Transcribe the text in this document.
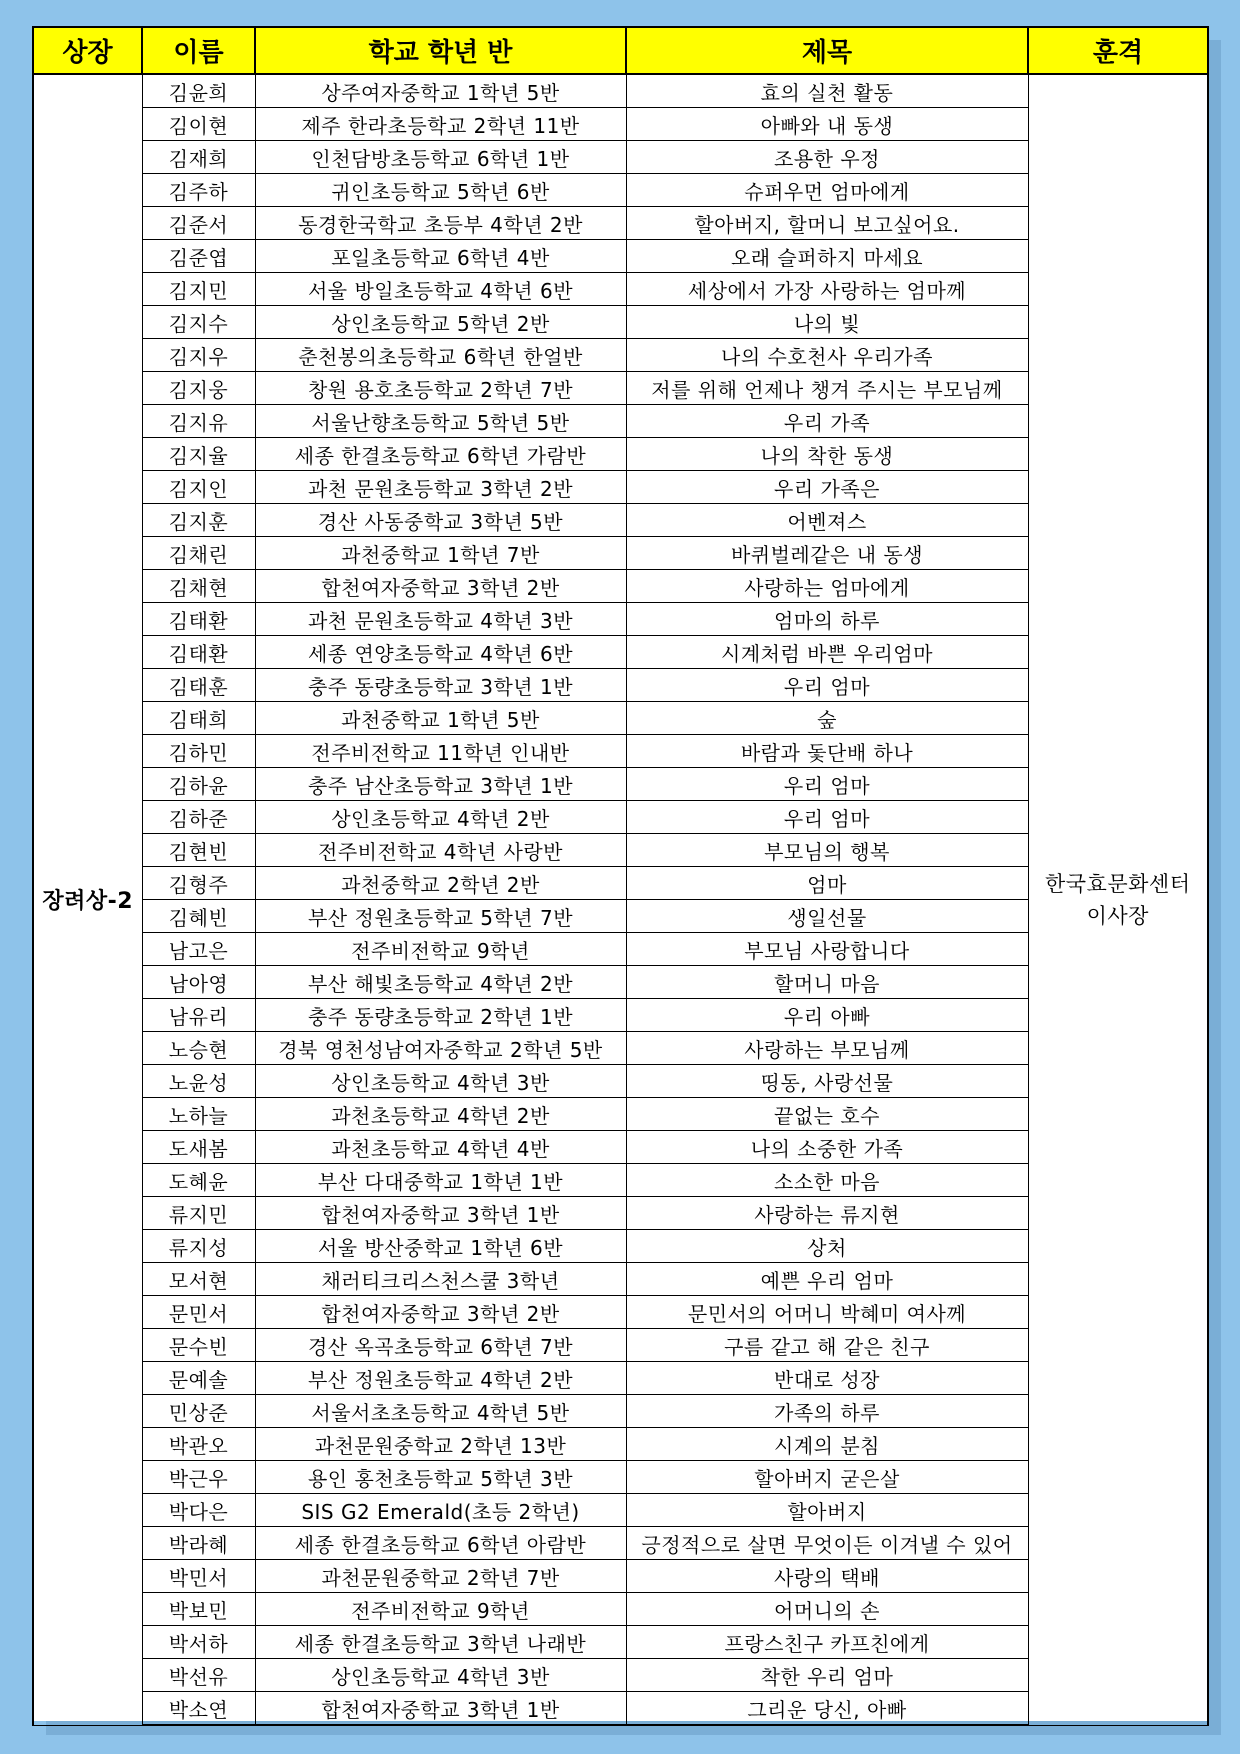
상장	이름	학교 학년 반	제목	훈격
장려상-2	김윤희	상주여자중학교 1학년 5반	효의 실천 활동	한국효문화센터
이사장

	김이현	제주 한라초등학교 2학년 11반	아빠와 내 동생	
	김재희	인천담방초등학교 6학년 1반	조용한 우정	
	김주하	귀인초등학교 5학년 6반	슈퍼우먼 엄마에게	
	김준서	동경한국학교 초등부 4학년 2반	할아버지, 할머니 보고싶어요.	
	김준엽	포일초등학교 6학년 4반	오래 슬퍼하지 마세요	
	김지민	서울 방일초등학교 4학년 6반	세상에서 가장 사랑하는 엄마께	
	김지수	상인초등학교 5학년 2반	나의 빛	
	김지우	춘천봉의초등학교 6학년 한얼반	나의 수호천사 우리가족	
	김지웅	창원 용호초등학교 2학년 7반	저를 위해 언제나 챙겨 주시는 부모님께	
	김지유	서울난향초등학교 5학년 5반	우리 가족	
	김지율	세종 한결초등학교 6학년 가람반	나의 착한 동생	
	김지인	과천 문원초등학교 3학년 2반	우리 가족은	
	김지훈	경산 사동중학교 3학년 5반	어벤져스	
	김채린	과천중학교 1학년 7반	바퀴벌레같은 내 동생	
	김채현	합천여자중학교 3학년 2반	사랑하는 엄마에게	
	김태환	과천 문원초등학교 4학년 3반	엄마의 하루	
	김태환	세종 연양초등학교 4학년 6반	시계처럼 바쁜 우리엄마	
	김태훈	충주 동량초등학교 3학년 1반	우리 엄마	
	김태희	과천중학교 1학년 5반	숲	
	김하민	전주비전학교 11학년 인내반	바람과 돛단배 하나	
	김하윤	충주 남산초등학교 3학년 1반	우리 엄마	
	김하준	상인초등학교 4학년 2반	우리 엄마	
	김현빈	전주비전학교 4학년 사랑반	부모님의 행복	
	김형주	과천중학교 2학년 2반	엄마	
	김혜빈	부산 정원초등학교 5학년 7반	생일선물	
	남고은	전주비전학교 9학년	부모님 사랑합니다	
	남아영	부산 해빛초등학교 4학년 2반	할머니 마음	
	남유리	충주 동량초등학교 2학년 1반	우리 아빠	
	노승현	경북 영천성남여자중학교 2학년 5반	사랑하는 부모님께	
	노윤성	상인초등학교 4학년 3반	띵동, 사랑선물	
	노하늘	과천초등학교 4학년 2반	끝없는 호수	
	도새봄	과천초등학교 4학년 4반	나의 소중한 가족	
	도혜윤	부산 다대중학교 1학년 1반	소소한 마음	
	류지민	합천여자중학교 3학년 1반	사랑하는 류지현	
	류지성	서울 방산중학교 1학년 6반	상처	
	모서현	채러티크리스천스쿨 3학년	예쁜 우리 엄마	
	문민서	합천여자중학교 3학년 2반	문민서의 어머니 박혜미 여사께	
	문수빈	경산 옥곡초등학교 6학년 7반	구름 같고 해 같은 친구	
	문예솔	부산 정원초등학교 4학년 2반	반대로 성장	
	민상준	서울서초초등학교 4학년 5반	가족의 하루	
	박관오	과천문원중학교 2학년 13반	시계의 분침	
	박근우	용인 홍천초등학교 5학년 3반	할아버지 굳은살	
	박다은	SIS G2 Emerald(초등 2학년)	할아버지	
	박라혜	세종 한결초등학교 6학년 아람반	긍정적으로 살면 무엇이든 이겨낼 수 있어	
	박민서	과천문원중학교 2학년 7반	사랑의 택배	
	박보민	전주비전학교 9학년	어머니의 손	
	박서하	세종 한결초등학교 3학년 나래반	프랑스친구 카프친에게	
	박선유	상인초등학교 4학년 3반	착한 우리 엄마	
	박소연	합천여자중학교 3학년 1반	그리운 당신, 아빠	
